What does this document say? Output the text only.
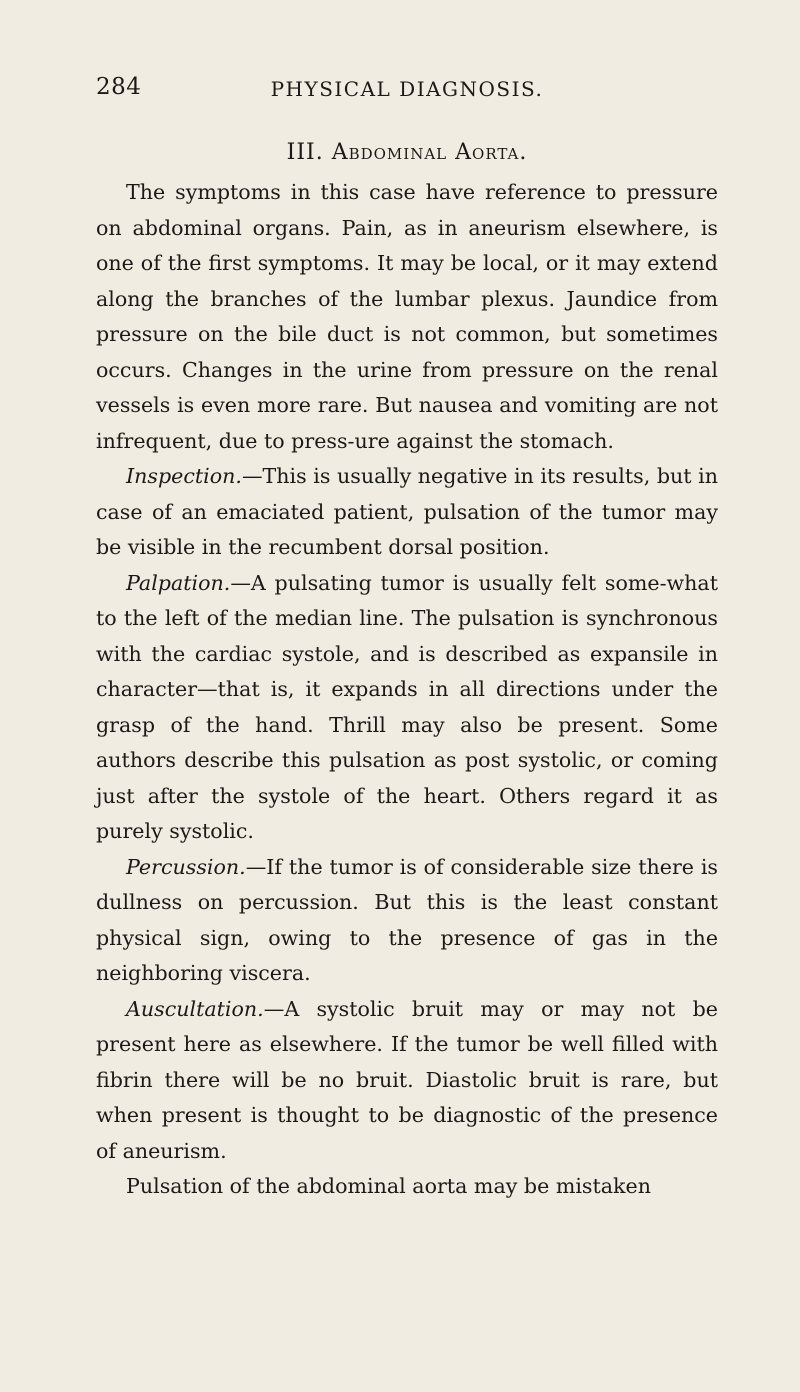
284	PHYSICAL DIAGNOSIS.
III. Abdominal Aorta.

The symptoms in this case have reference to pressure on abdominal organs. Pain, as in aneurism elsewhere, is one of the first symptoms. It may be local, or it may extend along the branches of the lumbar plexus. Jaundice from pressure on the bile duct is not common, but sometimes occurs. Changes in the urine from pressure on the renal vessels is even more rare. But nausea and vomiting are not infrequent, due to press-ure against the stomach.

Inspection.—This is usually negative in its results, but in case of an emaciated patient, pulsation of the tumor may be visible in the recumbent dorsal position.

Palpation.—A pulsating tumor is usually felt some-what to the left of the median line. The pulsation is synchronous with the cardiac systole, and is described as expansile in character—that is, it expands in all directions under the grasp of the hand. Thrill may also be present. Some authors describe this pulsation as post systolic, or coming just after the systole of the heart. Others regard it as purely systolic.

Percussion.—If the tumor is of considerable size there is dullness on percussion. But this is the least constant physical sign, owing to the presence of gas in the neighboring viscera.

Auscultation.—A systolic bruit may or may not be present here as elsewhere. If the tumor be well filled with fibrin there will be no bruit. Diastolic bruit is rare, but when present is thought to be diagnostic of the presence of aneurism.

Pulsation of the abdominal aorta may be mistaken
